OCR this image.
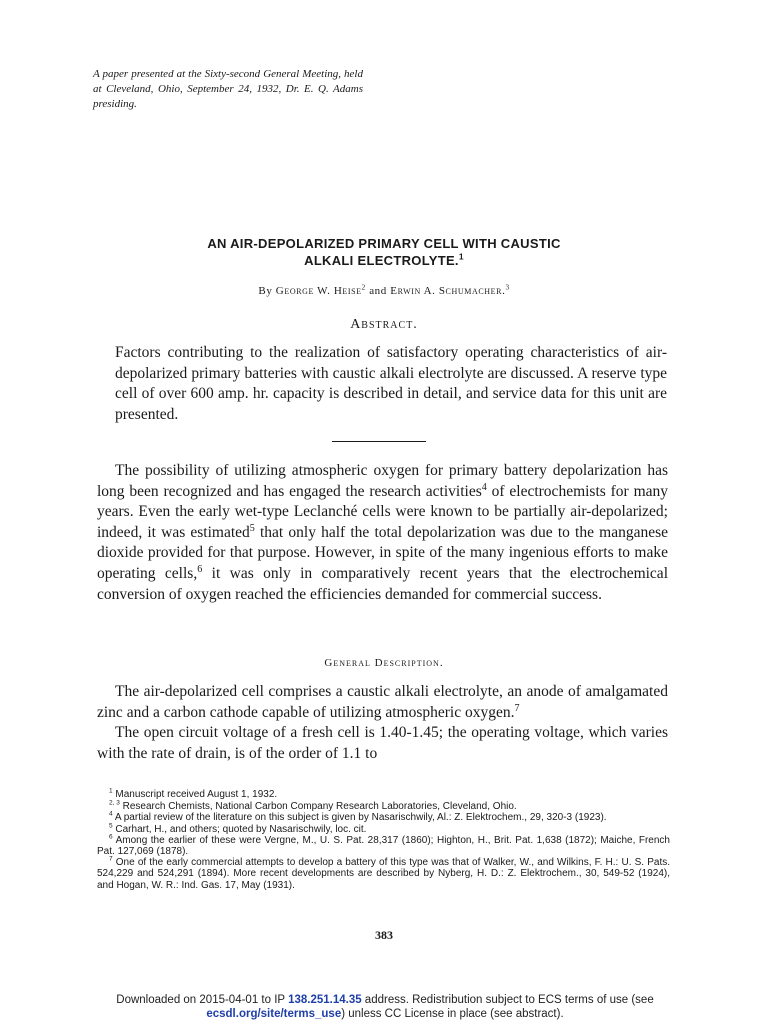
A paper presented at the Sixty-second General Meeting, held at Cleveland, Ohio, September 24, 1932, Dr. E. Q. Adams presiding.
AN AIR-DEPOLARIZED PRIMARY CELL WITH CAUSTIC
ALKALI ELECTROLYTE.$^1$
By George W. Heise$^2$ and Erwin A. Schumacher.$^3$
Abstract.
Factors contributing to the realization of satisfactory operating characteristics of air-depolarized primary batteries with caustic alkali electrolyte are discussed. A reserve type cell of over 600 amp. hr. capacity is described in detail, and service data for this unit are presented.

The possibility of utilizing atmospheric oxygen for primary battery depolarization has long been recognized and has engaged the research activities$^4$ of electrochemists for many years. Even the early wet-type Leclanché cells were known to be partially air-depolarized; indeed, it was estimated$^5$ that only half the total depolarization was due to the manganese dioxide provided for that purpose. However, in spite of the many ingenious efforts to make operating cells,$^6$ it was only in comparatively recent years that the electrochemical conversion of oxygen reached the efficiencies demanded for commercial success.

General Description.

The air-depolarized cell comprises a caustic alkali electrolyte, an anode of amalgamated zinc and a carbon cathode capable of utilizing atmospheric oxygen.$^7$

The open circuit voltage of a fresh cell is 1.40-1.45; the operating voltage, which varies with the rate of drain, is of the order of 1.1 to

$^1$ Manuscript received August 1, 1932.

$^{2, 3}$ Research Chemists, National Carbon Company Research Laboratories, Cleveland, Ohio.

$^4$ A partial review of the literature on this subject is given by Nasarischwily, Al.: Z. Elektrochem., 29, 320-3 (1923).

$^5$ Carhart, H., and others; quoted by Nasarischwily, loc. cit.

$^6$ Among the earlier of these were Vergne, M., U. S. Pat. 28,317 (1860); Highton, H., Brit. Pat. 1,638 (1872); Maiche, French Pat. 127,069 (1878).

$^7$ One of the early commercial attempts to develop a battery of this type was that of Walker, W., and Wilkins, F. H.: U. S. Pats. 524,229 and 524,291 (1894). More recent developments are described by Nyberg, H. D.: Z. Elektrochem., 30, 549-52 (1924), and Hogan, W. R.: Ind. Gas. 17, May (1931).

383
Downloaded on 2015-04-01 to IP 138.251.14.35 address. Redistribution subject to ECS terms of use (see
ecsdl.org/site/terms_use) unless CC License in place (see abstract).
